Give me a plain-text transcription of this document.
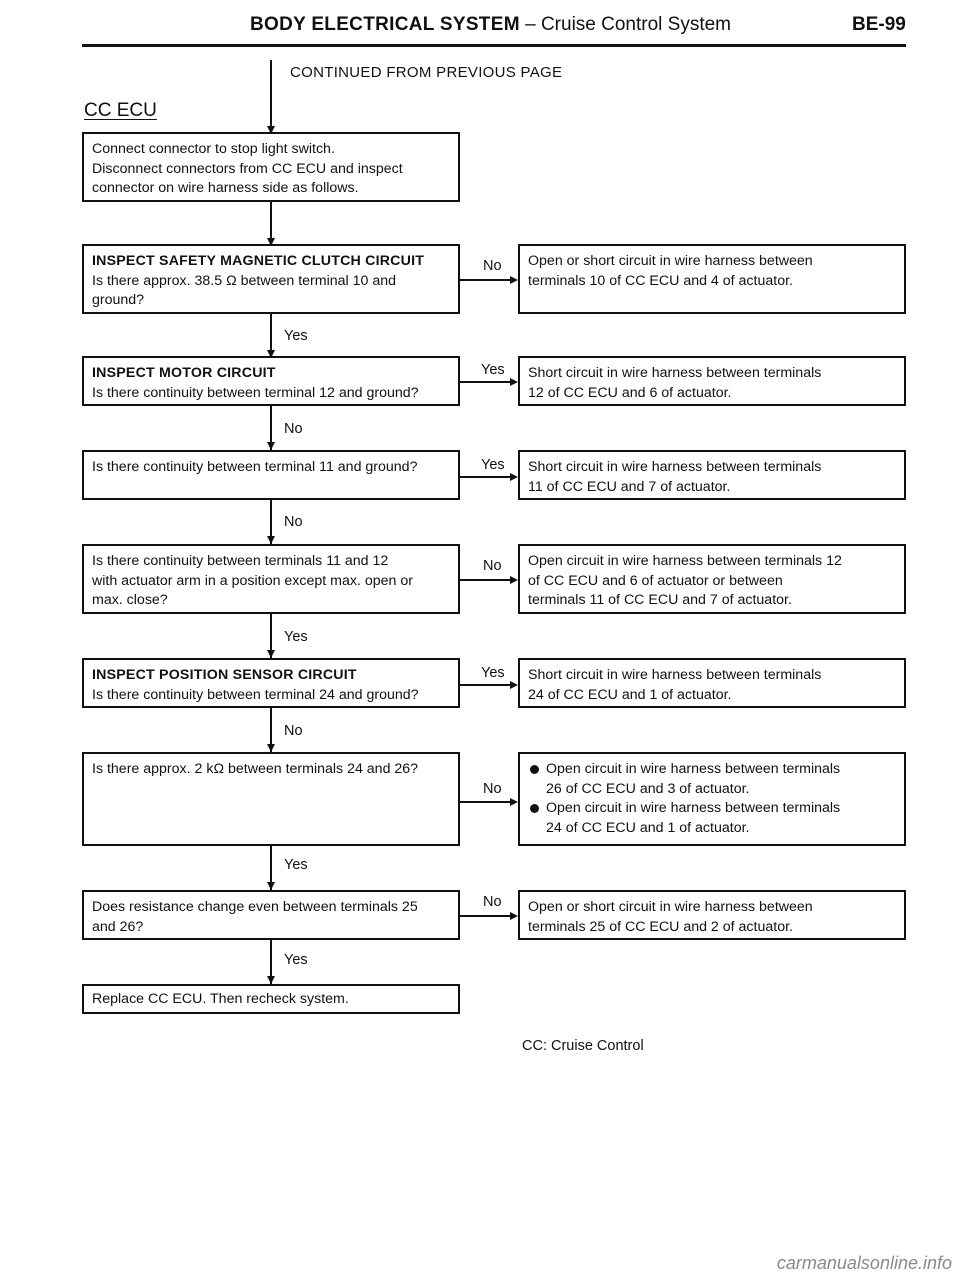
BODY ELECTRICAL SYSTEM – Cruise Control System	BE-99
CONTINUED FROM PREVIOUS PAGE
CC ECU
Connect connector to stop light switch.
Disconnect connectors from CC ECU and inspect
connector on wire harness side as follows.
INSPECT SAFETY MAGNETIC CLUTCH CIRCUIT
Is there approx. 38.5 Ω between terminal 10 and
ground?
No Open or short circuit in wire harness between
terminals 10 of CC ECU and 4 of actuator.
Yes
INSPECT MOTOR CIRCUIT
Is there continuity between terminal 12 and ground?
Yes Short circuit in wire harness between terminals
12 of CC ECU and 6 of actuator.
No
Is there continuity between terminal 11 and ground?	Yes Short circuit in wire harness between terminals
11 of CC ECU and 7 of actuator.
No
Is there continuity between terminals 11 and 12
with actuator arm in a position except max. open or
max. close?
No Open circuit in wire harness between terminals 12
of CC ECU and 6 of actuator or between
terminals 11 of CC ECU and 7 of actuator.
Yes
INSPECT POSITION SENSOR CIRCUIT
Is there continuity between terminal 24 and ground?
Yes Short circuit in wire harness between terminals
24 of CC ECU and 1 of actuator.
No
Is there approx. 2 kΩ between terminals 24 and 26?
No
Open circuit in wire harness between terminals
26 of CC ECU and 3 of actuator.
Open circuit in wire harness between terminals
24 of CC ECU and 1 of actuator.
Yes
Does resistance change even between terminals 25
and 26?
No Open or short circuit in wire harness between
terminals 25 of CC ECU and 2 of actuator.
Yes
Replace CC ECU. Then recheck system.
CC: Cruise Control
carmanualsonline.info
